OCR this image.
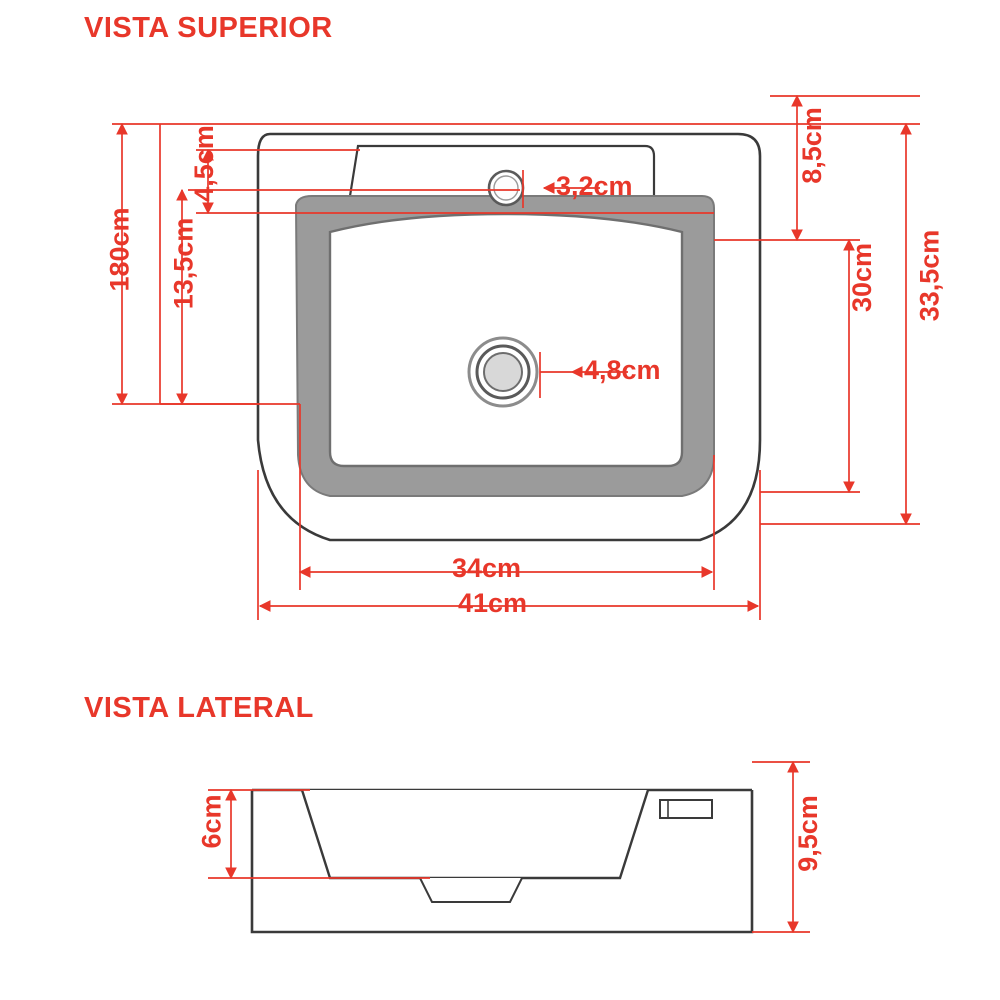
VISTA SUPERIOR
VISTA LATERAL
180cm	13,5cm
4,5cm	3,2cm
4,8cm
8,5cm
30cm	33,5cm
34cm
41cm
6cm	9,5cm
